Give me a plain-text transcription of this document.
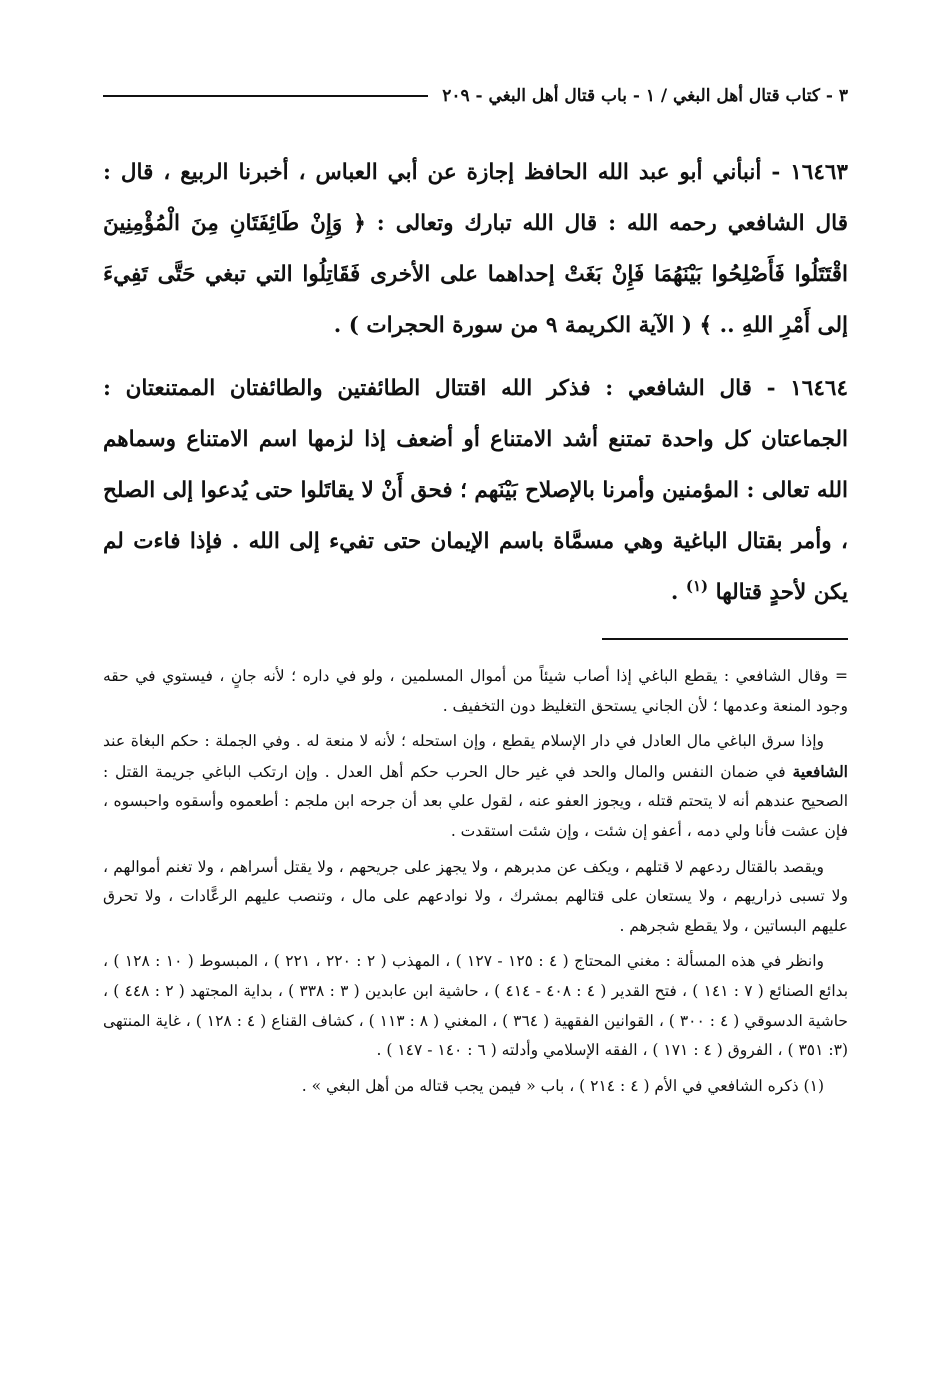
٣ - كتاب قتال أهل البغي / ١ - باب قتال أهل البغي - ٢٠٩

١٦٤٦٣ - أنبأني أبو عبد الله الحافظ إجازة عن أبي العباس ، أخبرنا الربيع ، قال : قال الشافعي رحمه الله : قال الله تبارك وتعالى : ﴿ وَإِنْ طَائِفَتَانِ مِنَ الْمُؤْمِنِينَ اقْتَتَلُوا فَأَصْلِحُوا بَيْنَهُمَا فَإِنْ بَغَتْ إحداهما على الأخرى فَقَاتِلُوا التي تبغي حَتَّى تَفِيءَ إلى أَمْرِ اللهِ .. ﴾ ( الآية الكريمة ٩ من سورة الحجرات ) .

١٦٤٦٤ - قال الشافعي : فذكر الله اقتتال الطائفتين والطائفتان الممتنعتان : الجماعتان كل واحدة تمتنع أشد الامتناع أو أضعف إذا لزمها اسم الامتناع وسماهم الله تعالى : المؤمنين وأمرنا بالإصلاح بَيْنَهم ؛ فحق أَنْ لا يقاتَلوا حتى يُدعوا إلى الصلح ، وأمر بقتال الباغية وهي مسمَّاة باسم الإيمان حتى تفيء إلى الله . فإذا فاءت لم يكن لأحدٍ قتالها $^{(١)}$ .

= وقال الشافعي : يقطع الباغي إذا أصاب شيئاً من أموال المسلمين ، ولو في داره ؛ لأنه جانٍ ، فيستوي في حقه وجود المنعة وعدمها ؛ لأن الجاني يستحق التغليظ دون التخفيف .

وإذا سرق الباغي مال العادل في دار الإسلام يقطع ، وإن استحله ؛ لأنه لا منعة له . وفي الجملة : حكم البغاة عند الشافعية في ضمان النفس والمال والحد في غير حال الحرب حكم أهل العدل . وإن ارتكب الباغي جريمة القتل : الصحيح عندهم أنه لا يتحتم قتله ، ويجوز العفو عنه ، لقول علي بعد أن جرحه ابن ملجم : أطعموه وأسقوه واحبسوه ، فإن عشت فأنا ولي دمه ، أعفو إن شئت ، وإن شئت استقدت .

ويقصد بالقتال ردعهم لا قتلهم ، ويكف عن مدبرهم ، ولا يجهز على جريحهم ، ولا يقتل أسراهم ، ولا تغنم أموالهم ، ولا تسبى ذراريهم ، ولا يستعان على قتالهم بمشرك ، ولا نوادعهم على مال ، وتنصب عليهم الرعَّادات ، ولا تحرق عليهم البساتين ، ولا يقطع شجرهم .

وانظر في هذه المسألة : مغني المحتاج ( ٤ : ١٢٥ - ١٢٧ ) ، المهذب ( ٢ : ٢٢٠ ، ٢٢١ ) ، المبسوط ( ١٠ : ١٢٨ ) ، بدائع الصنائع ( ٧ : ١٤١ ) ، فتح القدير ( ٤ : ٤٠٨ - ٤١٤ ) ، حاشية ابن عابدين ( ٣ : ٣٣٨ ) ، بداية المجتهد ( ٢ : ٤٤٨ ) ، حاشية الدسوقي ( ٤ : ٣٠٠ ) ، القوانين الفقهية ( ٣٦٤ ) ، المغني ( ٨ : ١١٣ ) ، كشاف القناع ( ٤ : ١٢٨ ) ، غاية المنتهى (٣: ٣٥١ ) ، الفروق ( ٤ : ١٧١ ) ، الفقه الإسلامي وأدلته ( ٦ : ١٤٠ - ١٤٧ ) .

(١) ذكره الشافعي في الأم ( ٤ : ٢١٤ ) ، باب « فيمن يجب قتاله من أهل البغي » .
